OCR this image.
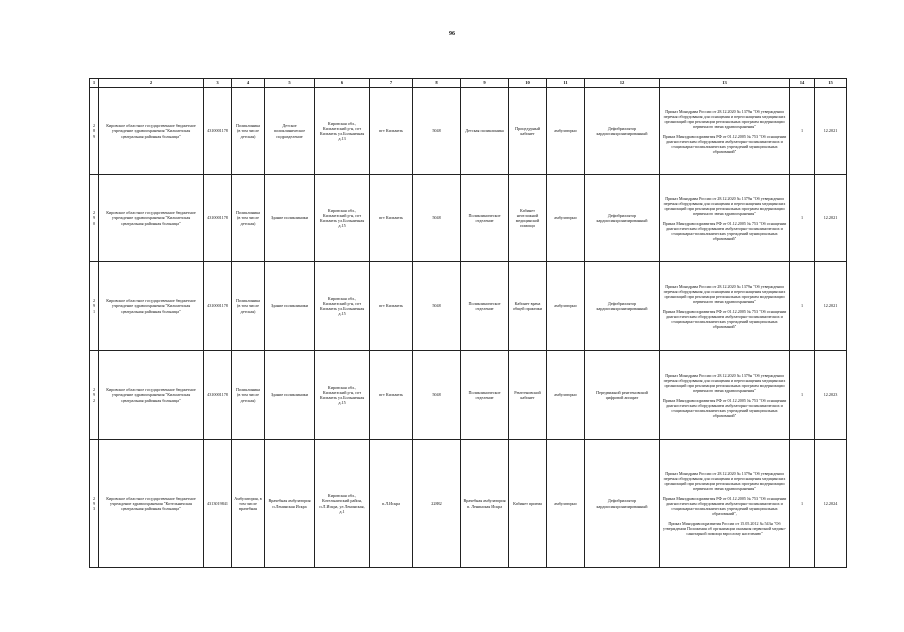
96
1	2	3	4	5	6	7	8	9	10	11	12	13	14	15
289	Кировское областное государственное бюджетное учреждение здравоохранения "Кильмезская центральная районная больница"	4310001178	Поликлиника (в том числе детская)	Детское поликлиническое подразделение	Кировская обл., Кильмезский р-н, пгт Кильмезь ул.Больничная д.13	пгт Кильмезь	5048	Детская поликлиника	Процедурный кабинет	амбулаторно	Дефибриллятор кардиосинхронизированный	Приказ Минздрава России от 28.12.2020 № 1379н "Об утверждении перечня оборудования для оснащения и переоснащения медицинских организаций при реализации региональных программ модернизации первичного звена здравоохранения"
Приказ Минздравсоцразвития РФ от 01.12.2005 № 753 "Об оснащении диагностическим оборудованием амбулаторно-поликлинических и стационарно-поликлинических учреждений муниципальных образований"	1	12.2021
290	Кировское областное государственное бюджетное учреждение здравоохранения "Кильмезская центральная районная больница"	4310001178	Поликлиника (в том числе детская)	Здание поликлиники	Кировская обл., Кильмезский р-н, пгт Кильмезь ул.Больничная д.15	пгт Кильмезь	5048	Поликлиническое отделение	Кабинет неотложной медицинской помощи	амбулаторно	Дефибриллятор кардиосинхронизированный	Приказ Минздрава России от 28.12.2020 № 1379н "Об утверждении перечня оборудования для оснащения и переоснащения медицинских организаций при реализации региональных программ модернизации первичного звена здравоохранения"
Приказ Минздравсоцразвития РФ от 01.12.2005 № 753 "Об оснащении диагностическим оборудованием амбулаторно-поликлинических и стационарно-поликлинических учреждений муниципальных образований"	1	12.2021
291	Кировское областное государственное бюджетное учреждение здравоохранения "Кильмезская центральная районная больница"	4310001178	Поликлиника (в том числе детская)	Здание поликлиники	Кировская обл., Кильмезский р-н, пгт Кильмезь ул.Больничная д.15	пгт Кильмезь	5048	Поликлиническое отделение	Кабинет врача общей практики	амбулаторно	Дефибриллятор кардиосинхронизированный	Приказ Минздрава России от 28.12.2020 № 1379н "Об утверждении перечня оборудования для оснащения и переоснащения медицинских организаций при реализации региональных программ модернизации первичного звена здравоохранения"
Приказ Минздравсоцразвития РФ от 01.12.2005 № 753 "Об оснащении диагностическим оборудованием амбулаторно-поликлинических и стационарно-поликлинических учреждений муниципальных образований"	1	12.2021
292	Кировское областное государственное бюджетное учреждение здравоохранения "Кильмезская центральная районная больница"	4310001178	Поликлиника (в том числе детская)	Здание поликлиники	Кировская обл., Кильмезский р-н, пгт Кильмезь ул.Больничная д.15	пгт Кильмезь	5048	Поликлиническое отделение	Рентгеновский кабинет	амбулаторно	Передвижной рентгеновский цифровой аппарат	Приказ Минздрава России от 28.12.2020 № 1379н "Об утверждении перечня оборудования для оснащения и переоснащения медицинских организаций при реализации региональных программ модернизации первичного звена здравоохранения"
Приказ Минздравсоцразвития РФ от 01.12.2005 № 753 "Об оснащении диагностическим оборудованием амбулаторно-поликлинических и стационарно-поликлинических учреждений муниципальных образований"	1	12.2023
293	Кировское областное государственное бюджетное учреждение здравоохранения "Котельничская центральная районная больница"	4313019841	Амбулатория, в том числе врачебная	Врачебная амбулатория п.Ленинская Искра	Кировская обл., Котельничский район, п.Л.Искра, ул Ленинская, д.1	п.Л.Искра	22882	Врачебная амбулатория п. Ленинская Искра	Кабинет приема	амбулаторно	Дефибриллятор кардиосинхронизированный	Приказ Минздрава России от 28.12.2020 № 1379н "Об утверждении перечня оборудования для оснащения и переоснащения медицинских организаций при реализации региональных программ модернизации первичного звена здравоохранения"
Приказ Минздравсоцразвития РФ от 01.12.2005 № 753 "Об оснащении диагностическим оборудованием амбулаторно-поликлинических и стационарно-поликлинических учреждений муниципальных образований",
Приказ Минздравсоцразвития России от 15.05.2012 № 543н "Об утверждении Положения об организации оказания первичной медико-санитарной помощи взрослому населению"	1	12.2024
